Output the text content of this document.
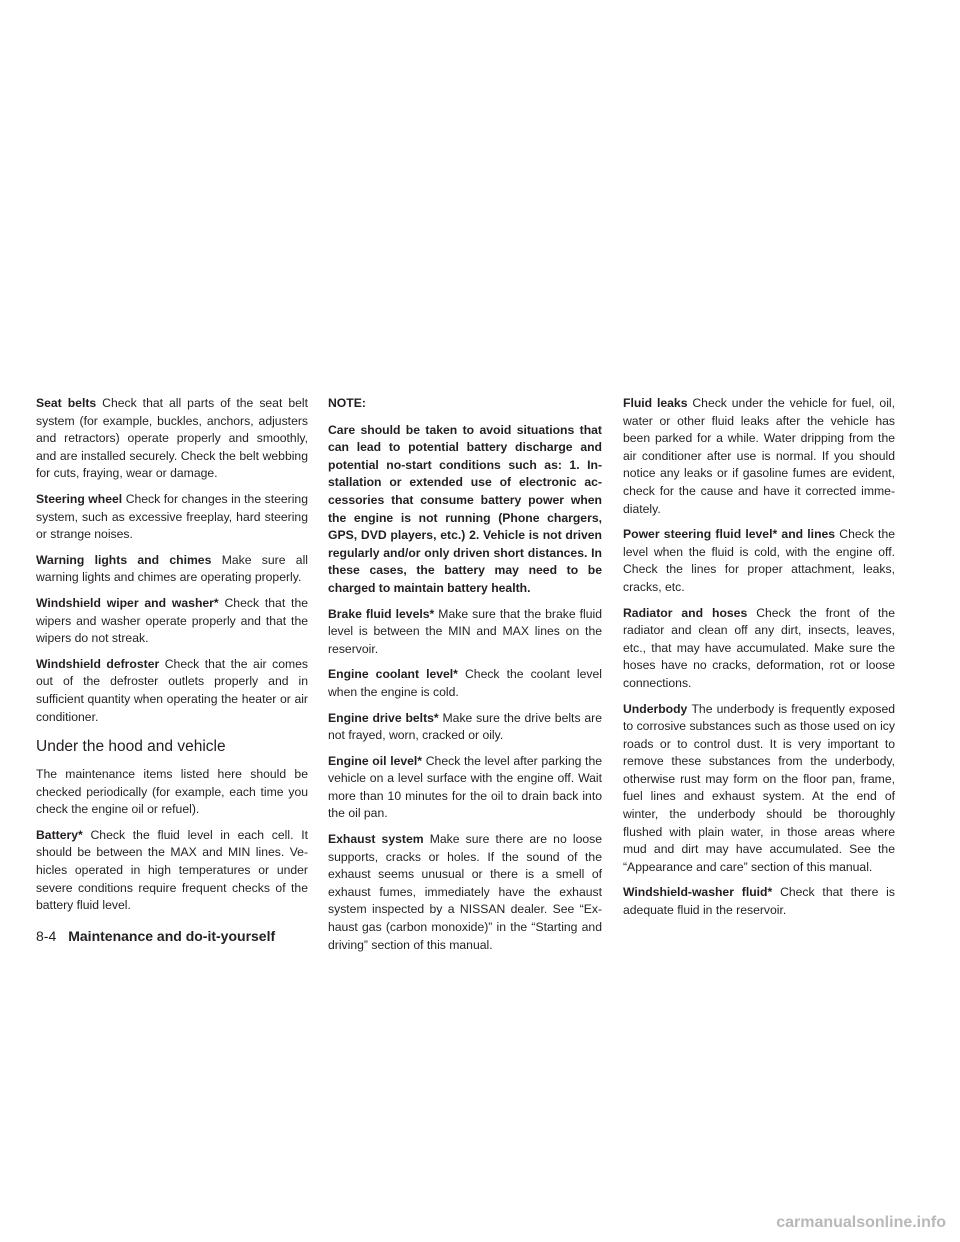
Seat belts Check that all parts of the seat belt system (for example, buckles, anchors, adjusters and retractors) operate properly and smoothly, and are installed securely. Check the belt webbing for cuts, fraying, wear or damage.

Steering wheel Check for changes in the steering system, such as excessive freeplay, hard steering or strange noises.

Warning lights and chimes Make sure all warning lights and chimes are operating properly.

Windshield wiper and washer* Check that the wipers and washer operate properly and that the wipers do not streak.

Windshield defroster Check that the air comes out of the defroster outlets properly and in sufficient quantity when operating the heater or air conditioner.

Under the hood and vehicle

The maintenance items listed here should be checked periodically (for example, each time you check the engine oil or refuel).

Battery* Check the fluid level in each cell. It should be between the MAX and MIN lines. Vehicles operated in high temperatures or under severe conditions require frequent checks of the battery fluid level.

NOTE:

Care should be taken to avoid situations that can lead to potential battery discharge and potential no-start conditions such as: 1. Installation or extended use of electronic accessories that consume battery power when the engine is not running (Phone chargers, GPS, DVD players, etc.) 2. Vehicle is not driven regularly and/or only driven short distances. In these cases, the battery may need to be charged to maintain battery health.

Brake fluid levels* Make sure that the brake fluid level is between the MIN and MAX lines on the reservoir.

Engine coolant level* Check the coolant level when the engine is cold.

Engine drive belts* Make sure the drive belts are not frayed, worn, cracked or oily.

Engine oil level* Check the level after parking the vehicle on a level surface with the engine off. Wait more than 10 minutes for the oil to drain back into the oil pan.

Exhaust system Make sure there are no loose supports, cracks or holes. If the sound of the exhaust seems unusual or there is a smell of exhaust fumes, immediately have the exhaust system inspected by a NISSAN dealer. See “Exhaust gas (carbon monoxide)” in the “Starting and driving” section of this manual.

Fluid leaks Check under the vehicle for fuel, oil, water or other fluid leaks after the vehicle has been parked for a while. Water dripping from the air conditioner after use is normal. If you should notice any leaks or if gasoline fumes are evident, check for the cause and have it corrected immediately.

Power steering fluid level* and lines Check the level when the fluid is cold, with the engine off. Check the lines for proper attachment, leaks, cracks, etc.

Radiator and hoses Check the front of the radiator and clean off any dirt, insects, leaves, etc., that may have accumulated. Make sure the hoses have no cracks, deformation, rot or loose connections.

Underbody The underbody is frequently exposed to corrosive substances such as those used on icy roads or to control dust. It is very important to remove these substances from the underbody, otherwise rust may form on the floor pan, frame, fuel lines and exhaust system. At the end of winter, the underbody should be thoroughly flushed with plain water, in those areas where mud and dirt may have accumulated. See the “Appearance and care” section of this manual.

Windshield-washer fluid* Check that there is adequate fluid in the reservoir.

8-4 Maintenance and do-it-yourself
carmanualsonline.info
